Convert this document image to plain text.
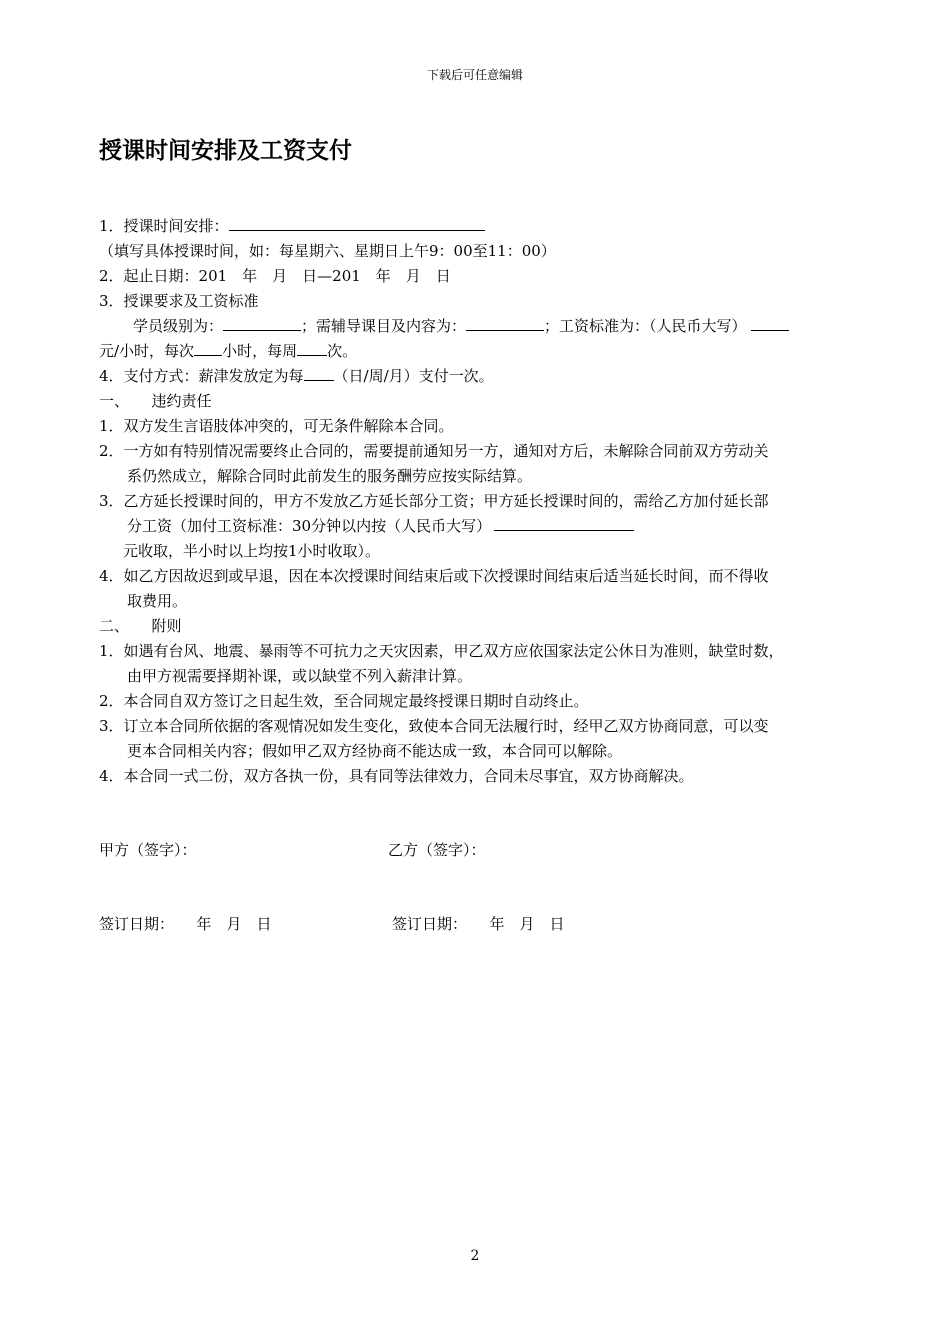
下载后可任意编辑
授课时间安排及工资支付
1．授课时间安排：
（填写具体授课时间，如：每星期六、星期日上午9：00至11：00）
2．起止日期：201　年　月　日—201　年　月　日
3．授课要求及工资标准
学员级别为：	；需辅导课目及内容为：	；工资标准为：（人民币大写）
元/小时，每次 小时，每周 次。
4．支付方式：薪津发放定为每 （日/周/月）支付一次。
一、　　违约责任
1．双方发生言语肢体冲突的，可无条件解除本合同。
2．一方如有特别情况需要终止合同的，需要提前通知另一方，通知对方后，未解除合同前双方劳动关
系仍然成立，解除合同时此前发生的服务酬劳应按实际结算。
3．乙方延长授课时间的，甲方不发放乙方延长部分工资；甲方延长授课时间的，需给乙方加付延长部
分工资（加付工资标准：30分钟以内按（人民币大写）
元收取，半小时以上均按1小时收取）。
4．如乙方因故迟到或早退，因在本次授课时间结束后或下次授课时间结束后适当延长时间，而不得收
取费用。
二、　　附则
1．如遇有台风、地震、暴雨等不可抗力之天灾因素，甲乙双方应依国家法定公休日为准则，缺堂时数，
由甲方视需要择期补课，或以缺堂不列入薪津计算。
2．本合同自双方签订之日起生效，至合同规定最终授课日期时自动终止。
3．订立本合同所依据的客观情况如发生变化，致使本合同无法履行时，经甲乙双方协商同意，可以变
更本合同相关内容；假如甲乙双方经协商不能达成一致，本合同可以解除。
4．本合同一式二份，双方各执一份，具有同等法律效力，合同未尽事宜，双方协商解决。
甲方（签字）：	乙方（签字）：
签订日期：　　年　月　日	签订日期：　　年　月　日
2
